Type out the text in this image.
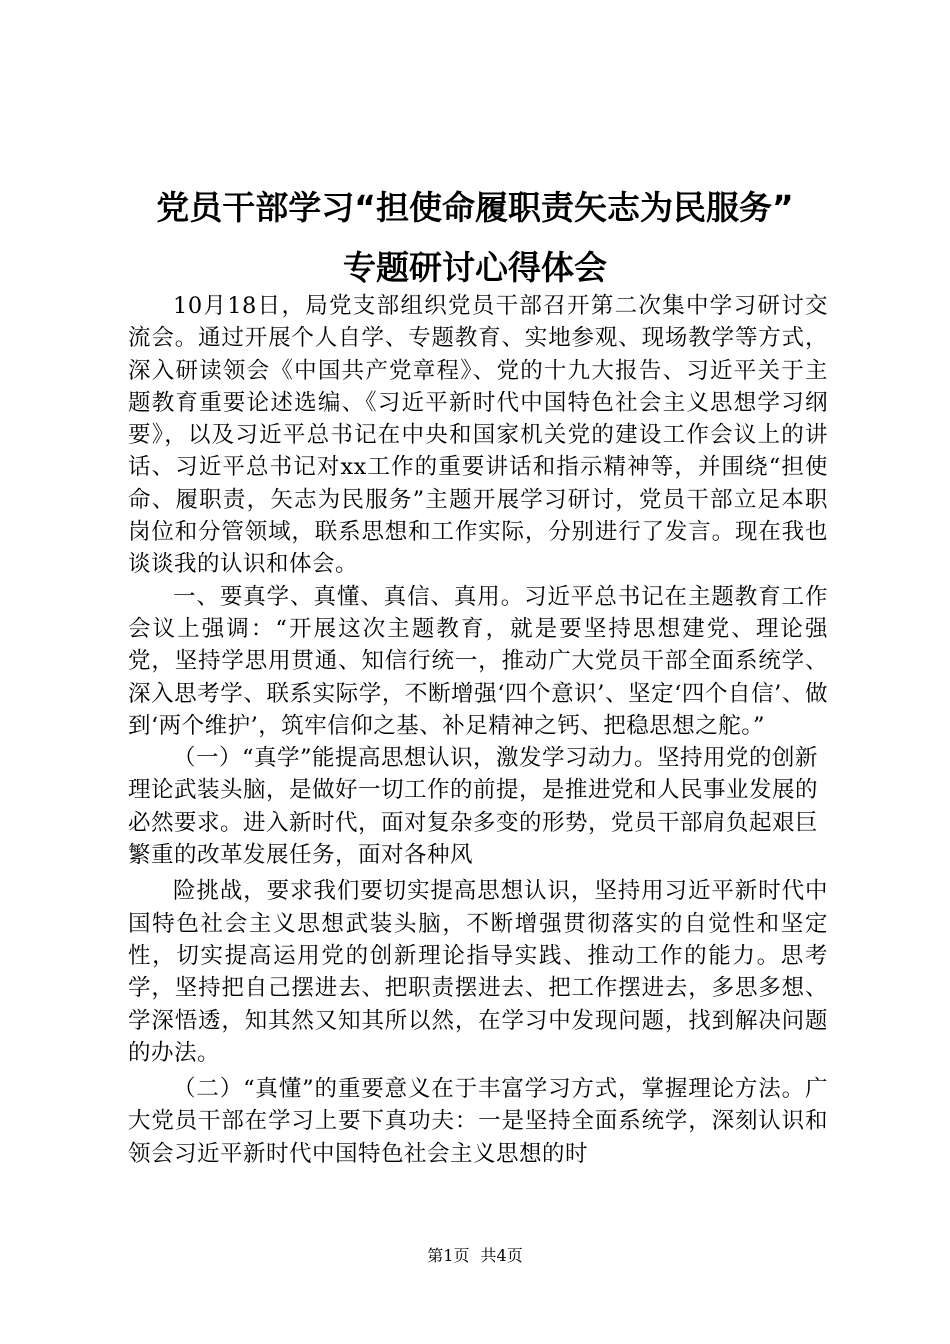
党员干部学习“担使命履职责矢志为民服务”
专题研讨心得体会

10月18日，局党支部组织党员干部召开第二次集中学习研讨交流会。通过开展个人自学、专题教育、实地参观、现场教学等方式，深入研读领会《中国共产党章程》、党的十九大报告、习近平关于主题教育重要论述选编、《习近平新时代中国特色社会主义思想学习纲要》，以及习近平总书记在中央和国家机关党的建设工作会议上的讲话、习近平总书记对xx工作的重要讲话和指示精神等，并围绕“担使命、履职责，矢志为民服务”主题开展学习研讨，党员干部立足本职岗位和分管领域，联系思想和工作实际，分别进行了发言。现在我也谈谈我的认识和体会。

一、要真学、真懂、真信、真用。习近平总书记在主题教育工作会议上强调：“开展这次主题教育，就是要坚持思想建党、理论强党，坚持学思用贯通、知信行统一，推动广大党员干部全面系统学、深入思考学、联系实际学，不断增强‘四个意识’、坚定‘四个自信’、做到‘两个维护’，筑牢信仰之基、补足精神之钙、把稳思想之舵。”

（一）“真学”能提高思想认识，激发学习动力。坚持用党的创新理论武装头脑，是做好一切工作的前提，是推进党和人民事业发展的必然要求。进入新时代，面对复杂多变的形势，党员干部肩负起艰巨繁重的改革发展任务，面对各种风

险挑战，要求我们要切实提高思想认识，坚持用习近平新时代中国特色社会主义思想武装头脑，不断增强贯彻落实的自觉性和坚定性，切实提高运用党的创新理论指导实践、推动工作的能力。思考学，坚持把自己摆进去、把职责摆进去、把工作摆进去，多思多想、学深悟透，知其然又知其所以然，在学习中发现问题，找到解决问题的办法。

（二）“真懂”的重要意义在于丰富学习方式，掌握理论方法。广大党员干部在学习上要下真功夫：一是坚持全面系统学，深刻认识和领会习近平新时代中国特色社会主义思想的时

第1页 共4页
